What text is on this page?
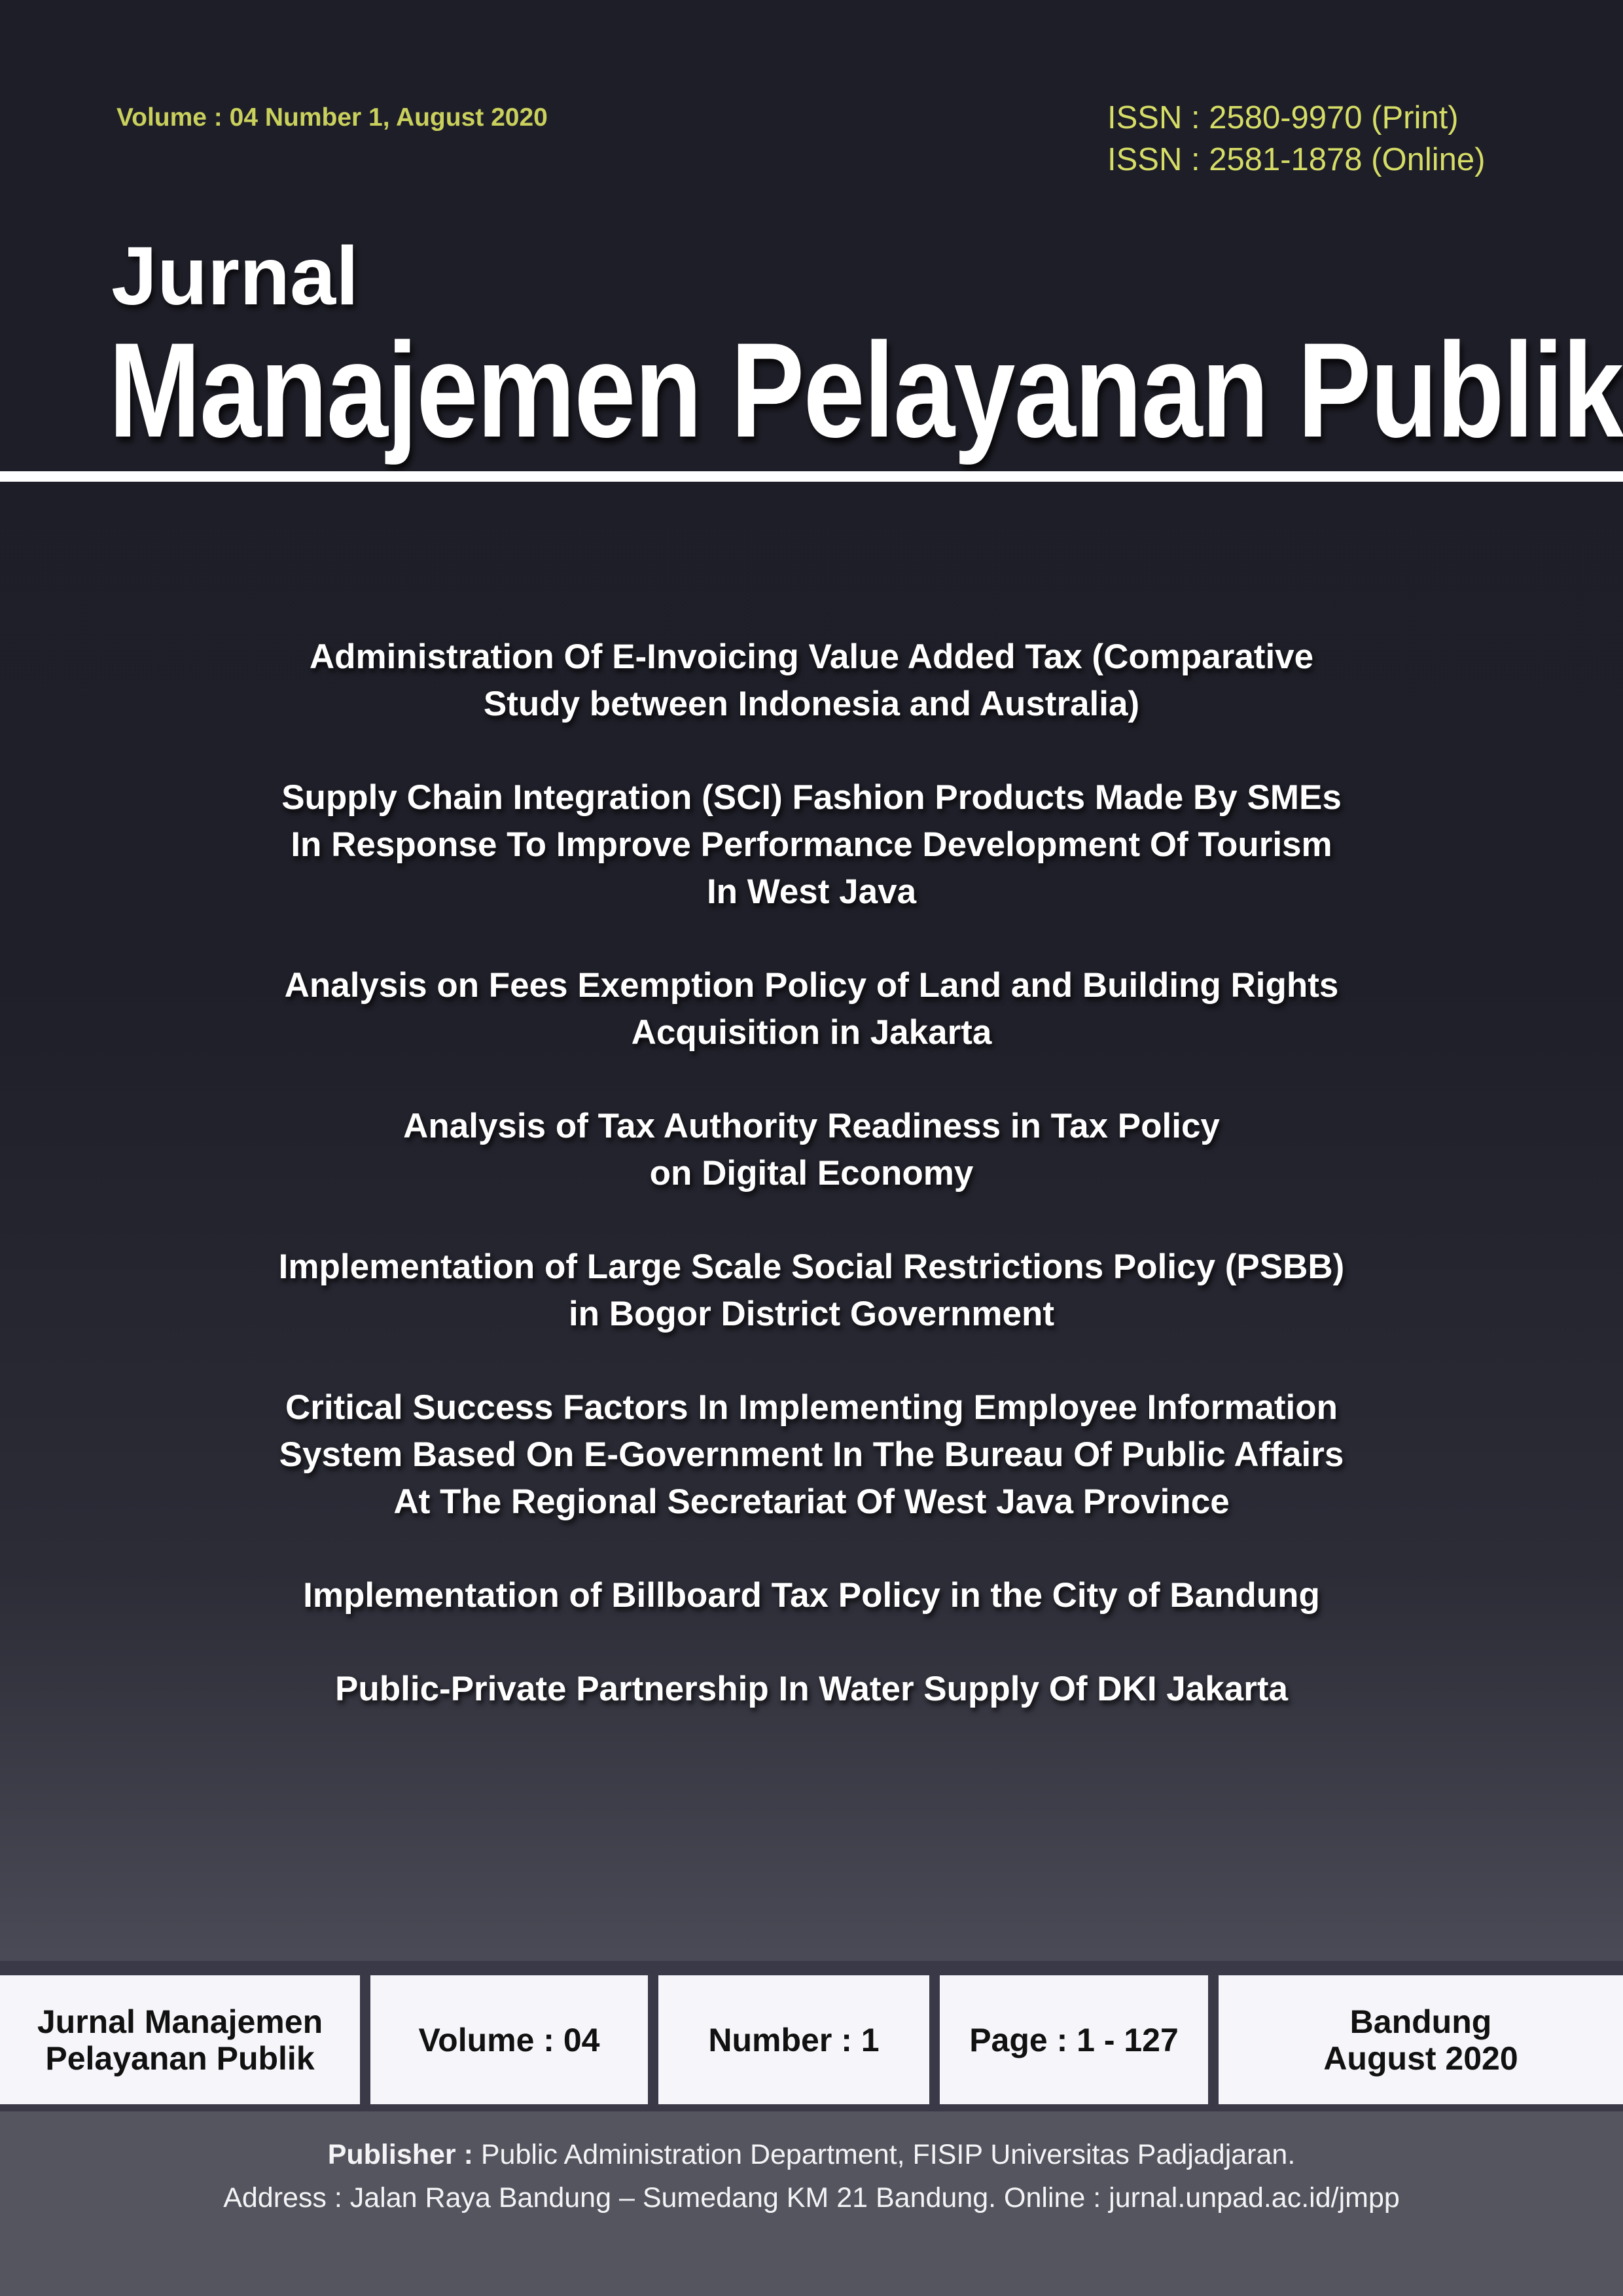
Volume : 04 Number 1, August 2020	ISSN : 2580-9970 (Print)
ISSN : 2581-1878 (Online)
Jurnal
Manajemen Pelayanan Publik
Administration Of E-Invoicing Value Added Tax (Comparative
Study between Indonesia and Australia)
Supply Chain Integration (SCI) Fashion Products Made By SMEs
In Response To Improve Performance Development Of Tourism
In West Java
Analysis on Fees Exemption Policy of Land and Building Rights
Acquisition in Jakarta
Analysis of Tax Authority Readiness in Tax Policy
on Digital Economy
Implementation of Large Scale Social Restrictions Policy (PSBB)
in Bogor District Government
Critical Success Factors In Implementing Employee Information
System Based On E-Government In The Bureau Of Public Affairs
At The Regional Secretariat Of West Java Province
Implementation of Billboard Tax Policy in the City of Bandung
Public-Private Partnership In Water Supply Of DKI Jakarta
Jurnal Manajemen
Pelayanan Publik	Volume : 04	Number : 1	Page : 1 - 127	Bandung
August 2020
Publisher : Public Administration Department, FISIP Universitas Padjadjaran.
Address : Jalan Raya Bandung – Sumedang KM 21 Bandung. Online : jurnal.unpad.ac.id/jmpp
